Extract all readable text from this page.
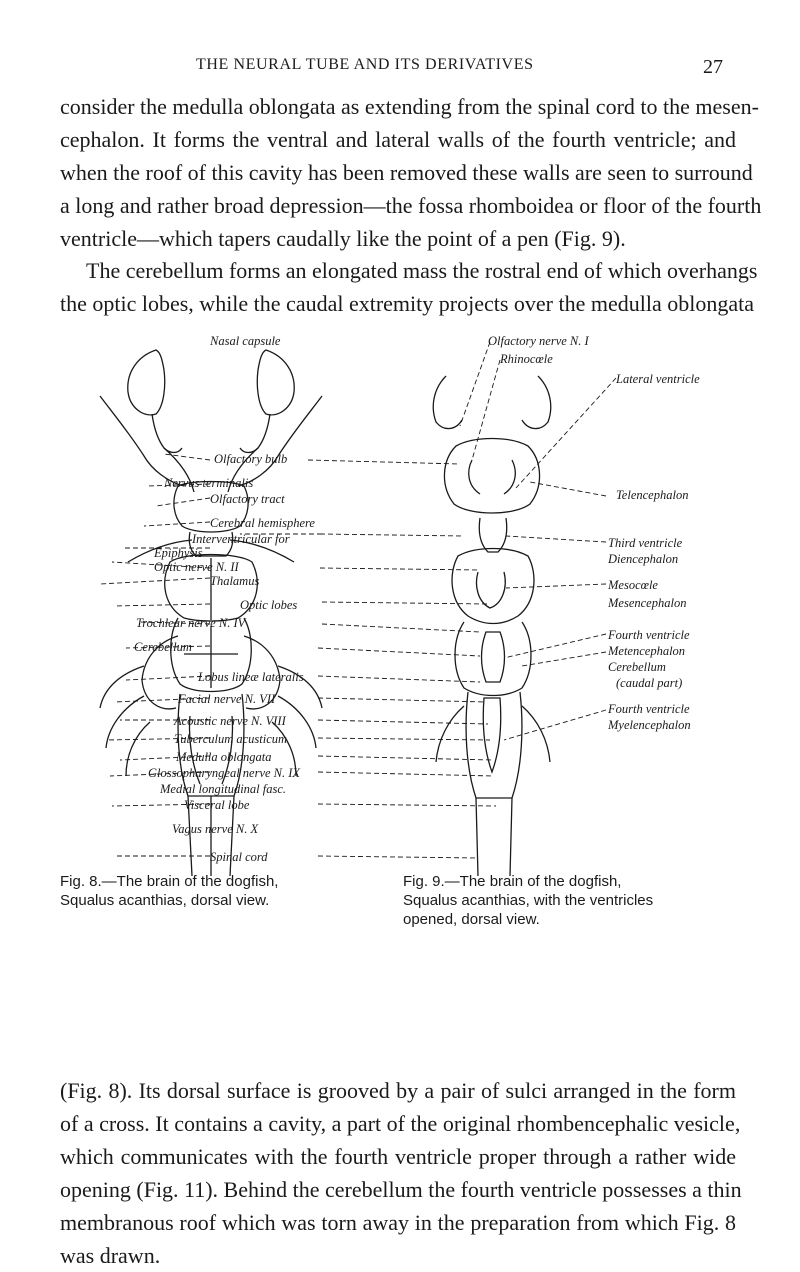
THE NEURAL TUBE AND ITS DERIVATIVES	27
consider the medulla oblongata as extending from the spinal cord to the mesen-
cephalon. It forms the ventral and lateral walls of the fourth ventricle; and
when the roof of this cavity has been removed these walls are seen to surround
a long and rather broad depression—the fossa rhomboidea or floor of the fourth
ventricle—which tapers caudally like the point of a pen (Fig. 9).
The cerebellum forms an elongated mass the rostral end of which overhangs
the optic lobes, while the caudal extremity projects over the medulla oblongata
Nasal capsule
Olfactory bulb
Nervus terminalis
Olfactory tract
Cerebral hemisphere
Interventricular for
Epiphysis
Optic nerve N. II
Thalamus
Optic lobes
Trochlear nerve N. IV
Cerebellum
Lobus lineæ lateralis
Facial nerve N. VII
Acoustic nerve N. VIII
Tuberculum acusticum
Medulla oblongata
Glossopharyngeal nerve N. IX
Medial longitudinal fasc.
Visceral lobe
Vagus nerve N. X
Spinal cord
Olfactory nerve N. I
Rhinocœle
Lateral ventricle
Telencephalon
Third ventricle
Diencephalon
Mesocœle
Mesencephalon
Fourth ventricle
Metencephalon
Cerebellum
(caudal part)
Fourth ventricle
Myelencephalon
Fig. 8.—The brain of the dogfish,
Squalus acanthias, dorsal view.
Fig. 9.—The brain of the dogfish,
Squalus acanthias, with the ventricles
opened, dorsal view.
(Fig. 8). Its dorsal surface is grooved by a pair of sulci arranged in the form
of a cross. It contains a cavity, a part of the original rhombencephalic vesicle,
which communicates with the fourth ventricle proper through a rather wide
opening (Fig. 11). Behind the cerebellum the fourth ventricle possesses a thin
membranous roof which was torn away in the preparation from which Fig. 8
was drawn.
